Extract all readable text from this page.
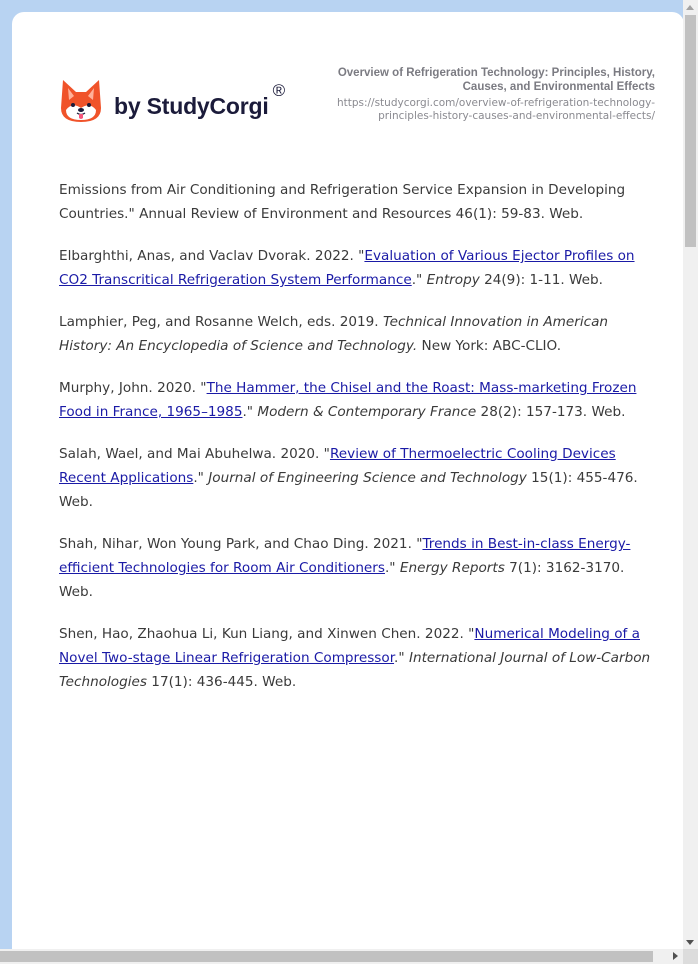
by StudyCorgi
®
Overview of Refrigeration Technology: Principles, History, Causes, and Environmental Effects
https://studycorgi.com/overview-of-refrigeration-technology-principles-history-causes-and-environmental-effects/

Emissions from Air Conditioning and Refrigeration Service Expansion in Developing Countries." Annual Review of Environment and Resources 46(1): 59-83. Web.

Elbarghthi, Anas, and Vaclav Dvorak. 2022. "Evaluation of Various Ejector Profiles on CO2 Transcritical Refrigeration System Performance." Entropy 24(9): 1-11. Web.

Lamphier, Peg, and Rosanne Welch, eds. 2019. Technical Innovation in American History: An Encyclopedia of Science and Technology. New York: ABC-CLIO.

Murphy, John. 2020. "The Hammer, the Chisel and the Roast: Mass-marketing Frozen Food in France, 1965–1985." Modern & Contemporary France 28(2): 157-173. Web.

Salah, Wael, and Mai Abuhelwa. 2020. "Review of Thermoelectric Cooling Devices Recent Applications." Journal of Engineering Science and Technology 15(1): 455-476. Web.

Shah, Nihar, Won Young Park, and Chao Ding. 2021. "Trends in Best-in-class Energy-efficient Technologies for Room Air Conditioners." Energy Reports 7(1): 3162-3170. Web.

Shen, Hao, Zhaohua Li, Kun Liang, and Xinwen Chen. 2022. "Numerical Modeling of a Novel Two-stage Linear Refrigeration Compressor." International Journal of Low-Carbon Technologies 17(1): 436-445. Web.
